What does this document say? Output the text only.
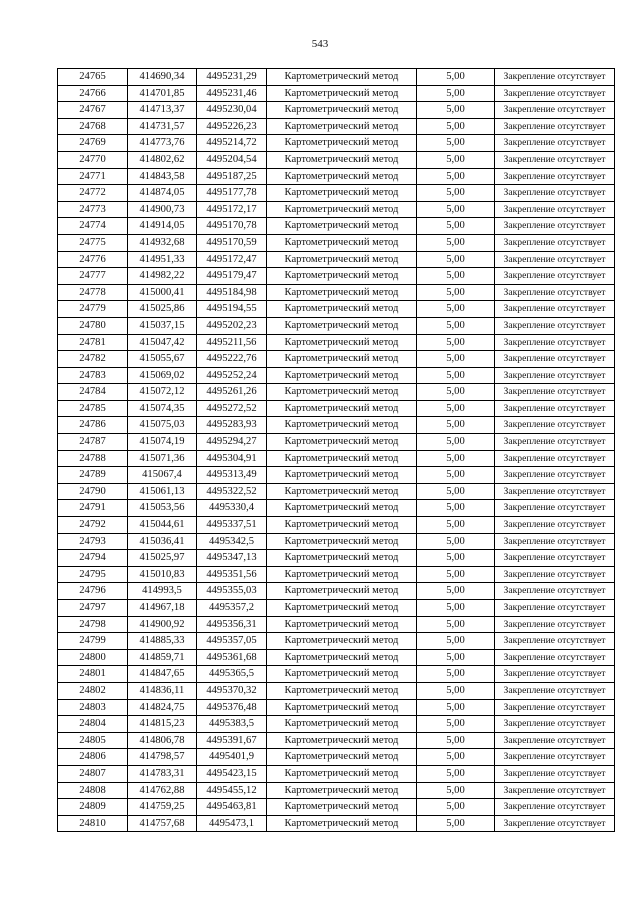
543
24765	414690,34	4495231,29	Картометрический метод	5,00	Закрепление отсутствует
24766	414701,85	4495231,46	Картометрический метод	5,00	Закрепление отсутствует
24767	414713,37	4495230,04	Картометрический метод	5,00	Закрепление отсутствует
24768	414731,57	4495226,23	Картометрический метод	5,00	Закрепление отсутствует
24769	414773,76	4495214,72	Картометрический метод	5,00	Закрепление отсутствует
24770	414802,62	4495204,54	Картометрический метод	5,00	Закрепление отсутствует
24771	414843,58	4495187,25	Картометрический метод	5,00	Закрепление отсутствует
24772	414874,05	4495177,78	Картометрический метод	5,00	Закрепление отсутствует
24773	414900,73	4495172,17	Картометрический метод	5,00	Закрепление отсутствует
24774	414914,05	4495170,78	Картометрический метод	5,00	Закрепление отсутствует
24775	414932,68	4495170,59	Картометрический метод	5,00	Закрепление отсутствует
24776	414951,33	4495172,47	Картометрический метод	5,00	Закрепление отсутствует
24777	414982,22	4495179,47	Картометрический метод	5,00	Закрепление отсутствует
24778	415000,41	4495184,98	Картометрический метод	5,00	Закрепление отсутствует
24779	415025,86	4495194,55	Картометрический метод	5,00	Закрепление отсутствует
24780	415037,15	4495202,23	Картометрический метод	5,00	Закрепление отсутствует
24781	415047,42	4495211,56	Картометрический метод	5,00	Закрепление отсутствует
24782	415055,67	4495222,76	Картометрический метод	5,00	Закрепление отсутствует
24783	415069,02	4495252,24	Картометрический метод	5,00	Закрепление отсутствует
24784	415072,12	4495261,26	Картометрический метод	5,00	Закрепление отсутствует
24785	415074,35	4495272,52	Картометрический метод	5,00	Закрепление отсутствует
24786	415075,03	4495283,93	Картометрический метод	5,00	Закрепление отсутствует
24787	415074,19	4495294,27	Картометрический метод	5,00	Закрепление отсутствует
24788	415071,36	4495304,91	Картометрический метод	5,00	Закрепление отсутствует
24789	415067,4	4495313,49	Картометрический метод	5,00	Закрепление отсутствует
24790	415061,13	4495322,52	Картометрический метод	5,00	Закрепление отсутствует
24791	415053,56	4495330,4	Картометрический метод	5,00	Закрепление отсутствует
24792	415044,61	4495337,51	Картометрический метод	5,00	Закрепление отсутствует
24793	415036,41	4495342,5	Картометрический метод	5,00	Закрепление отсутствует
24794	415025,97	4495347,13	Картометрический метод	5,00	Закрепление отсутствует
24795	415010,83	4495351,56	Картометрический метод	5,00	Закрепление отсутствует
24796	414993,5	4495355,03	Картометрический метод	5,00	Закрепление отсутствует
24797	414967,18	4495357,2	Картометрический метод	5,00	Закрепление отсутствует
24798	414900,92	4495356,31	Картометрический метод	5,00	Закрепление отсутствует
24799	414885,33	4495357,05	Картометрический метод	5,00	Закрепление отсутствует
24800	414859,71	4495361,68	Картометрический метод	5,00	Закрепление отсутствует
24801	414847,65	4495365,5	Картометрический метод	5,00	Закрепление отсутствует
24802	414836,11	4495370,32	Картометрический метод	5,00	Закрепление отсутствует
24803	414824,75	4495376,48	Картометрический метод	5,00	Закрепление отсутствует
24804	414815,23	4495383,5	Картометрический метод	5,00	Закрепление отсутствует
24805	414806,78	4495391,67	Картометрический метод	5,00	Закрепление отсутствует
24806	414798,57	4495401,9	Картометрический метод	5,00	Закрепление отсутствует
24807	414783,31	4495423,15	Картометрический метод	5,00	Закрепление отсутствует
24808	414762,88	4495455,12	Картометрический метод	5,00	Закрепление отсутствует
24809	414759,25	4495463,81	Картометрический метод	5,00	Закрепление отсутствует
24810	414757,68	4495473,1	Картометрический метод	5,00	Закрепление отсутствует
